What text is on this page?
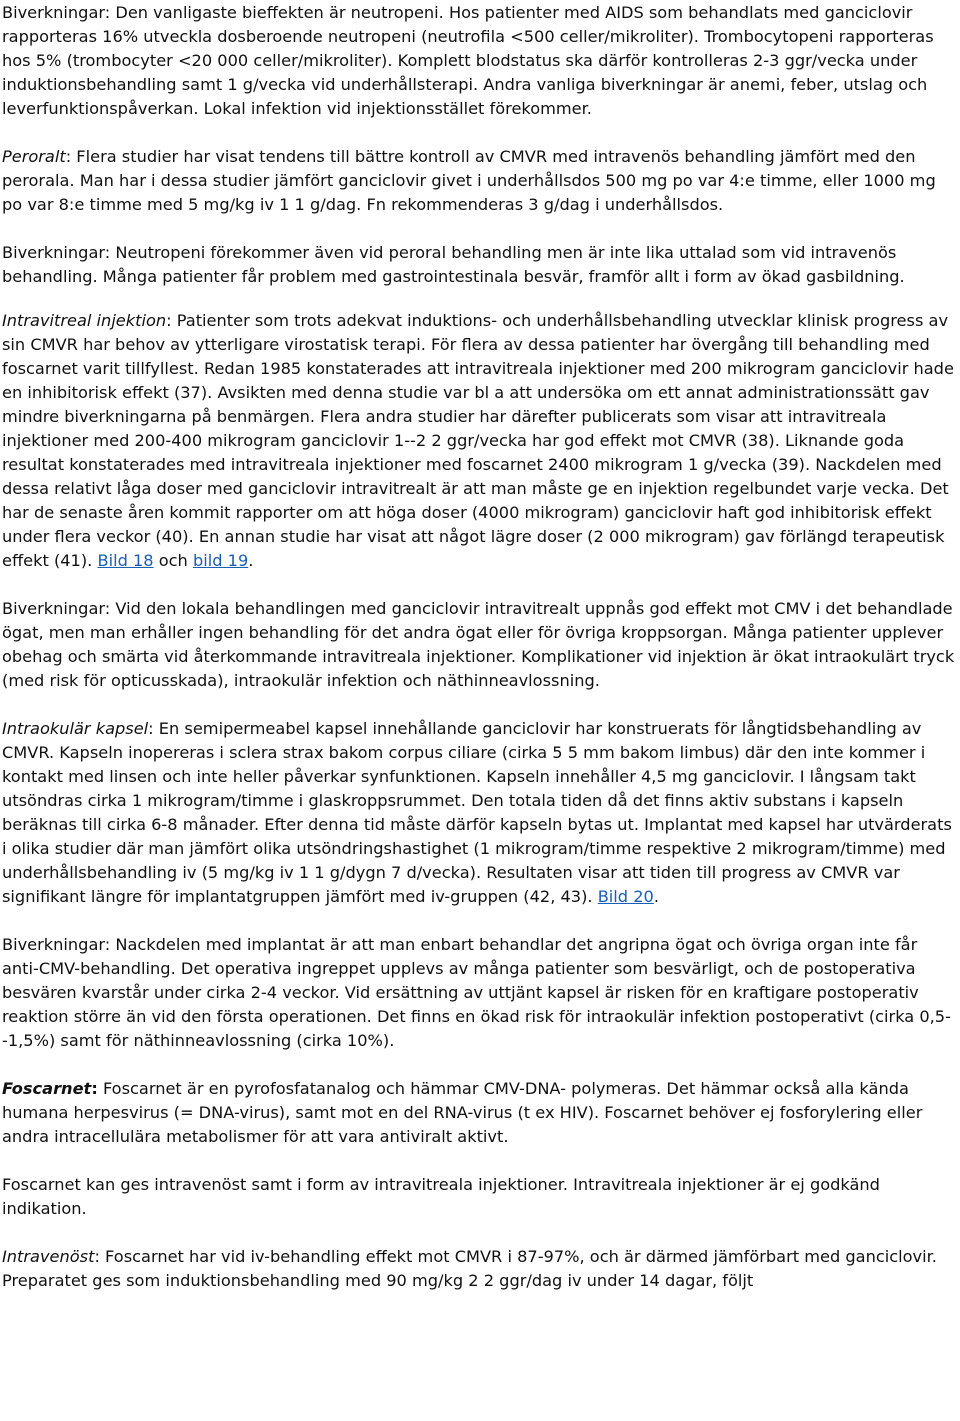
Biverkningar: Den vanligaste bieffekten är neutropeni. Hos patienter med AIDS som behandlats med ganciclovir rapporteras 16% utveckla dosberoende neutropeni (neutrofila <500 celler/mikroliter). Trombocytopeni rapporteras hos 5% (trombocyter <20 000 celler/mikroliter). Komplett blodstatus ska därför kontrolleras 2-3 ggr/vecka under induktionsbehandling samt 1 g/vecka vid underhållsterapi. Andra vanliga biverkningar är anemi, feber, utslag och leverfunktionspåverkan. Lokal infektion vid injektionsstället förekommer.

Peroralt: Flera studier har visat tendens till bättre kontroll av CMVR med intravenös behandling jämfört med den perorala. Man har i dessa studier jämfört ganciclovir givet i underhållsdos 500 mg po var 4:e timme, eller 1000 mg po var 8:e timme med 5 mg/kg iv 1 1 g/dag. Fn rekommenderas 3 g/dag i underhållsdos.

Biverkningar: Neutropeni förekommer även vid peroral behandling men är inte lika uttalad som vid intravenös behandling. Många patienter får problem med gastrointestinala besvär, framför allt i form av ökad gasbildning.

Intravitreal injektion: Patienter som trots adekvat induktions- och underhållsbehandling utvecklar klinisk progress av sin CMVR har behov av ytterligare virostatisk terapi. För flera av dessa patienter har övergång till behandling med foscarnet varit tillfyllest. Redan 1985 konstaterades att intravitreala injektioner med 200 mikrogram ganciclovir hade en inhibitorisk effekt (37). Avsikten med denna studie var bl a att undersöka om ett annat administrationssätt gav mindre biverkningarna på benmärgen. Flera andra studier har därefter publicerats som visar att intravitreala injektioner med 200-400 mikrogram ganciclovir 1--2 2 ggr/vecka har god effekt mot CMVR (38). Liknande goda resultat konstaterades med intravitreala injektioner med foscarnet 2400 mikrogram 1 g/vecka (39). Nackdelen med dessa relativt låga doser med ganciclovir intravitrealt är att man måste ge en injektion regelbundet varje vecka. Det har de senaste åren kommit rapporter om att höga doser (4000 mikrogram) ganciclovir haft god inhibitorisk effekt under flera veckor (40). En annan studie har visat att något lägre doser (2 000 mikrogram) gav förlängd terapeutisk effekt (41). Bild 18 och bild 19.

Biverkningar: Vid den lokala behandlingen med ganciclovir intravitrealt uppnås god effekt mot CMV i det behandlade ögat, men man erhåller ingen behandling för det andra ögat eller för övriga kroppsorgan. Många patienter upplever obehag och smärta vid återkommande intravitreala injektioner. Komplikationer vid injektion är ökat intraokulärt tryck (med risk för opticusskada), intraokulär infektion och näthinneavlossning.

Intraokulär kapsel: En semipermeabel kapsel innehållande ganciclovir har konstruerats för långtidsbehandling av CMVR. Kapseln inopereras i sclera strax bakom corpus ciliare (cirka 5 5 mm bakom limbus) där den inte kommer i kontakt med linsen och inte heller påverkar synfunktionen. Kapseln innehåller 4,5 mg ganciclovir. I långsam takt utsöndras cirka 1 mikrogram/timme i glaskroppsrummet. Den totala tiden då det finns aktiv substans i kapseln beräknas till cirka 6-8 månader. Efter denna tid måste därför kapseln bytas ut. Implantat med kapsel har utvärderats i olika studier där man jämfört olika utsöndringshastighet (1 mikrogram/timme respektive 2 mikrogram/timme) med underhållsbehandling iv (5 mg/kg iv 1 1 g/dygn 7 d/vecka). Resultaten visar att tiden till progress av CMVR var signifikant längre för implantatgruppen jämfört med iv-gruppen (42, 43). Bild 20.

Biverkningar: Nackdelen med implantat är att man enbart behandlar det angripna ögat och övriga organ inte får anti-CMV-behandling. Det operativa ingreppet upplevs av många patienter som besvärligt, och de postoperativa besvären kvarstår under cirka 2-4 veckor. Vid ersättning av uttjänt kapsel är risken för en kraftigare postoperativ reaktion större än vid den första operationen. Det finns en ökad risk för intraokulär infektion postoperativt (cirka 0,5--1,5%) samt för näthinneavlossning (cirka 10%).

Foscarnet: Foscarnet är en pyrofosfatanalog och hämmar CMV-DNA- polymeras. Det hämmar också alla kända humana herpesvirus (= DNA-virus), samt mot en del RNA-virus (t ex HIV). Foscarnet behöver ej fosforylering eller andra intracellulära metabolismer för att vara antiviralt aktivt.

Foscarnet kan ges intravenöst samt i form av intravitreala injektioner. Intravitreala injektioner är ej godkänd indikation.

Intravenöst: Foscarnet har vid iv-behandling effekt mot CMVR i 87-97%, och är därmed jämförbart med ganciclovir. Preparatet ges som induktionsbehandling med 90 mg/kg 2 2 ggr/dag iv under 14 dagar, följt
